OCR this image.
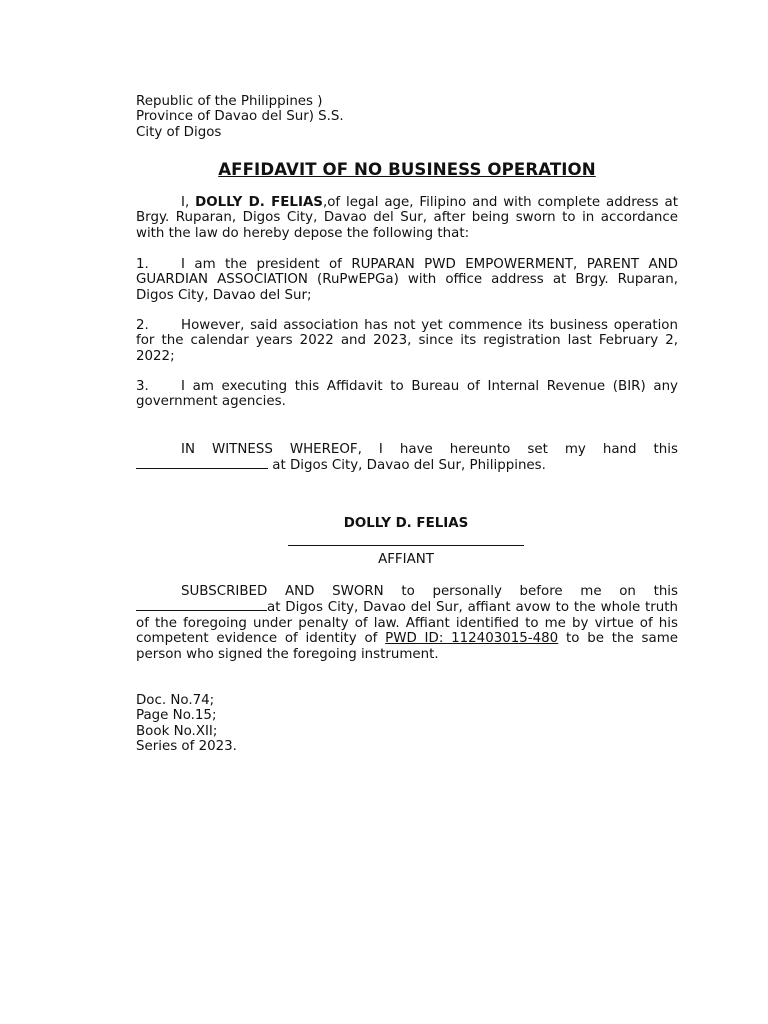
Republic of the Philippines )
Province of Davao del Sur) S.S.
City of Digos
AFFIDAVIT OF NO BUSINESS OPERATION
I, DOLLY D. FELIAS,of legal age, Filipino and with complete address at Brgy. Ruparan, Digos City, Davao del Sur, after being sworn to in accordance with the law do hereby depose the following that:
1. I am the president of RUPARAN PWD EMPOWERMENT, PARENT AND GUARDIAN ASSOCIATION (RuPwEPGa) with office address at Brgy. Ruparan, Digos City, Davao del Sur;
2. However, said association has not yet commence its business operation for the calendar years 2022 and 2023, since its registration last February 2, 2022;
3. I am executing this Affidavit to Bureau of Internal Revenue (BIR) any government agencies.
IN WITNESS WHEREOF, I have hereunto set my hand this  at Digos City, Davao del Sur, Philippines.
DOLLY D. FELIAS
AFFIANT
SUBSCRIBED AND SWORN to personally before me on this at Digos City, Davao del Sur, affiant avow to the whole truth of the foregoing under penalty of law. Affiant identified to me by virtue of his competent evidence of identity of PWD ID: 112403015-480 to be the same person who signed the foregoing instrument.
Doc. No.74;
Page No.15;
Book No.XII;
Series of 2023.
